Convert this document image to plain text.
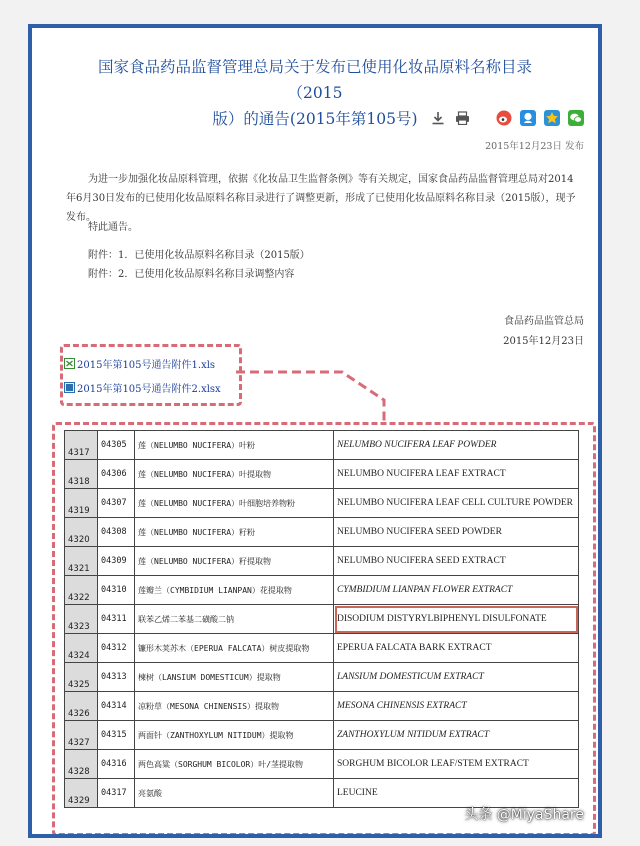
国家食品药品监督管理总局关于发布已使用化妆品原料名称目录（2015
版）的通告(2015年第105号)
2015年12月23日 发布
为进一步加强化妆品原料管理，依据《化妆品卫生监督条例》等有关规定，国家食品药品监督管理总局对2014年6月30日发布的已使用化妆品原料名称目录进行了调整更新，形成了已使用化妆品原料名称目录（2015版），现予发布。
特此通告。
附件：1．已使用化妆品原料名称目录（2015版）
附件：2．已使用化妆品原料名称目录调整内容
食品药品监管总局
2015年12月23日
2015年第105号通告附件1.xls
2015年第105号通告附件2.xlsx
4317	04305	莲（NELUMBO NUCIFERA）叶粉	NELUMBO NUCIFERA LEAF POWDER
4318	04306	莲（NELUMBO NUCIFERA）叶提取物	NELUMBO NUCIFERA LEAF EXTRACT
4319	04307	莲（NELUMBO NUCIFERA）叶细胞培养物粉	NELUMBO NUCIFERA LEAF CELL CULTURE POWDER
4320	04308	莲（NELUMBO NUCIFERA）籽粉	NELUMBO NUCIFERA SEED POWDER
4321	04309	莲（NELUMBO NUCIFERA）籽提取物	NELUMBO NUCIFERA SEED EXTRACT
4322	04310	莲瓣兰（CYMBIDIUM LIANPAN）花提取物	CYMBIDIUM LIANPAN FLOWER EXTRACT
4323	04311	联苯乙烯二苯基二磺酸二钠	DISODIUM DISTYRYLBIPHENYL DISULFONATE
4324	04312	镰形木荚苏木（EPERUA FALCATA）树皮提取物	EPERUA FALCATA BARK EXTRACT
4325	04313	楝树（LANSIUM DOMESTICUM）提取物	LANSIUM DOMESTICUM EXTRACT
4326	04314	凉粉草（MESONA CHINENSIS）提取物	MESONA CHINENSIS EXTRACT
4327	04315	两面针（ZANTHOXYLUM NITIDUM）提取物	ZANTHOXYLUM NITIDUM EXTRACT
4328	04316	两色高粱（SORGHUM BICOLOR）叶/茎提取物	SORGHUM BICOLOR LEAF/STEM EXTRACT
4329	04317	亮氨酸	LEUCINE
头条 @MiyaShare
